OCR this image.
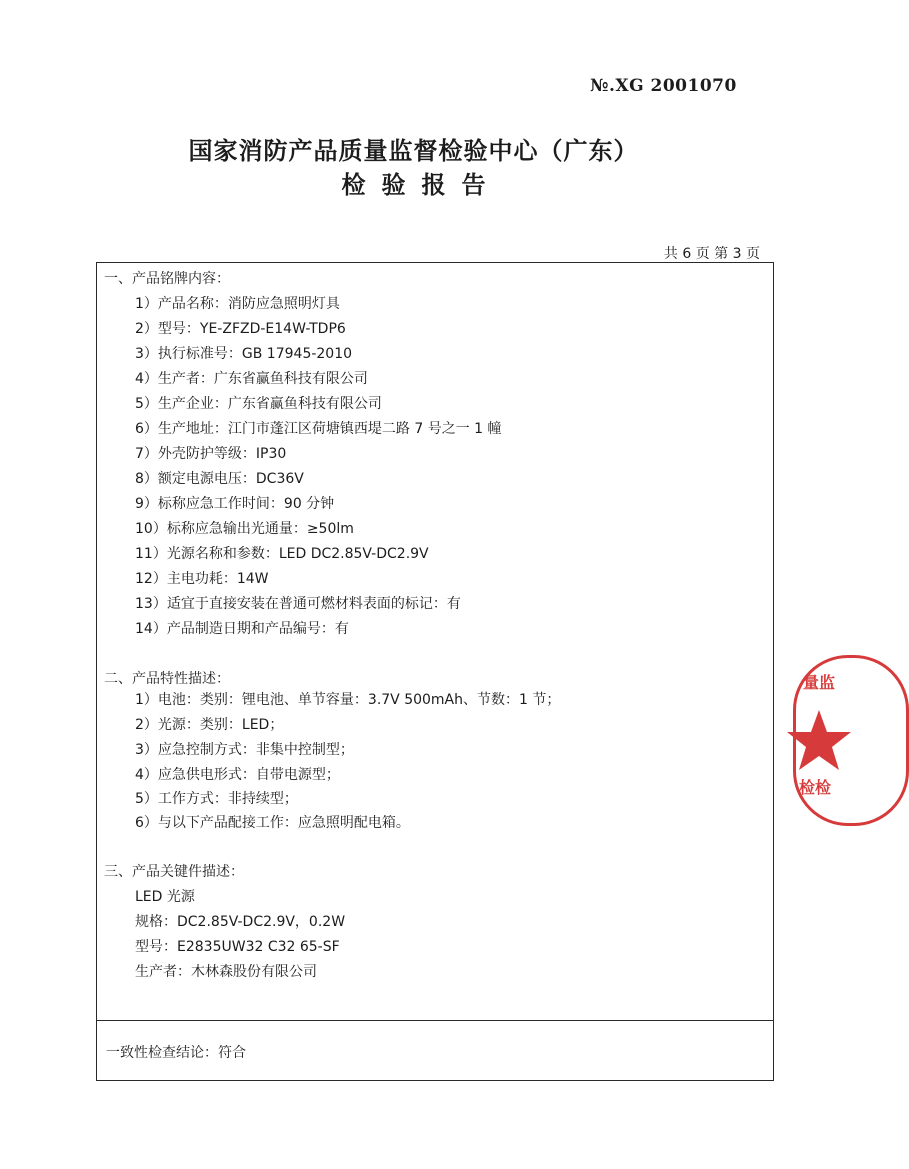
№.XG 2001070
国家消防产品质量监督检验中心（广东）
检验报告
共 6 页 第 3 页
一、产品铭牌内容：
1）产品名称：消防应急照明灯具
2）型号：YE-ZFZD-E14W-TDP6
3）执行标准号：GB 17945-2010
4）生产者：广东省赢鱼科技有限公司
5）生产企业：广东省赢鱼科技有限公司
6）生产地址：江门市蓬江区荷塘镇西堤二路 7 号之一 1 幢
7）外壳防护等级：IP30
8）额定电源电压：DC36V
9）标称应急工作时间：90 分钟
10）标称应急输出光通量：≥50lm
11）光源名称和参数：LED DC2.85V-DC2.9V
12）主电功耗：14W
13）适宜于直接安装在普通可燃材料表面的标记：有
14）产品制造日期和产品编号：有
二、产品特性描述：
1）电池：类别：锂电池、单节容量：3.7V 500mAh、节数：1 节；
2）光源：类别：LED；
3）应急控制方式：非集中控制型；
4）应急供电形式：自带电源型；
5）工作方式：非持续型；
6）与以下产品配接工作：应急照明配电箱。
三、产品关键件描述：
LED 光源
规格：DC2.85V-DC2.9V，0.2W
型号：E2835UW32 C32 65-SF
生产者：木林森股份有限公司
一致性检查结论：符合
量监
检检
